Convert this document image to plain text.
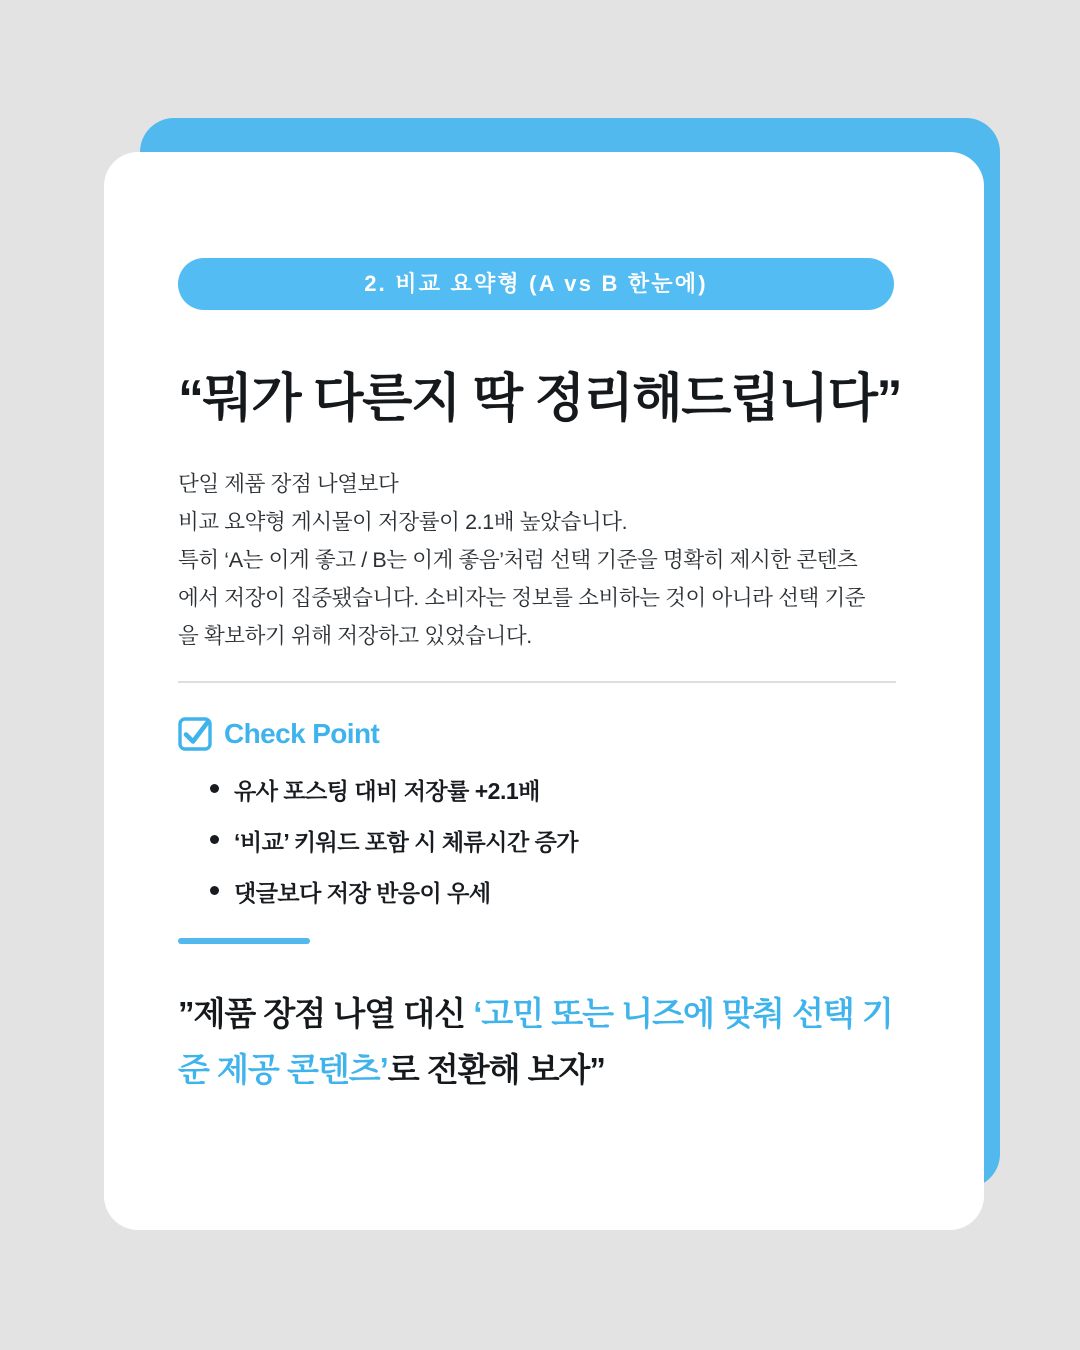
2. 비교 요약형 (A vs B 한눈에)
“뭐가 다른지 딱 정리해드립니다”
단일 제품 장점 나열보다
비교 요약형 게시물이 저장률이 2.1배 높았습니다.
특히 ‘A는 이게 좋고 / B는 이게 좋음’처럼 선택 기준을 명확히 제시한 콘텐츠
에서 저장이 집중됐습니다. 소비자는 정보를 소비하는 것이 아니라 선택 기준
을 확보하기 위해 저장하고 있었습니다.
Check Point
유사 포스팅 대비 저장률 +2.1배
‘비교’ 키워드 포함 시 체류시간 증가
댓글보다 저장 반응이 우세
”제품 장점 나열 대신 ‘고민 또는 니즈에 맞춰 선택 기준 제공 콘텐츠’로 전환해 보자”
